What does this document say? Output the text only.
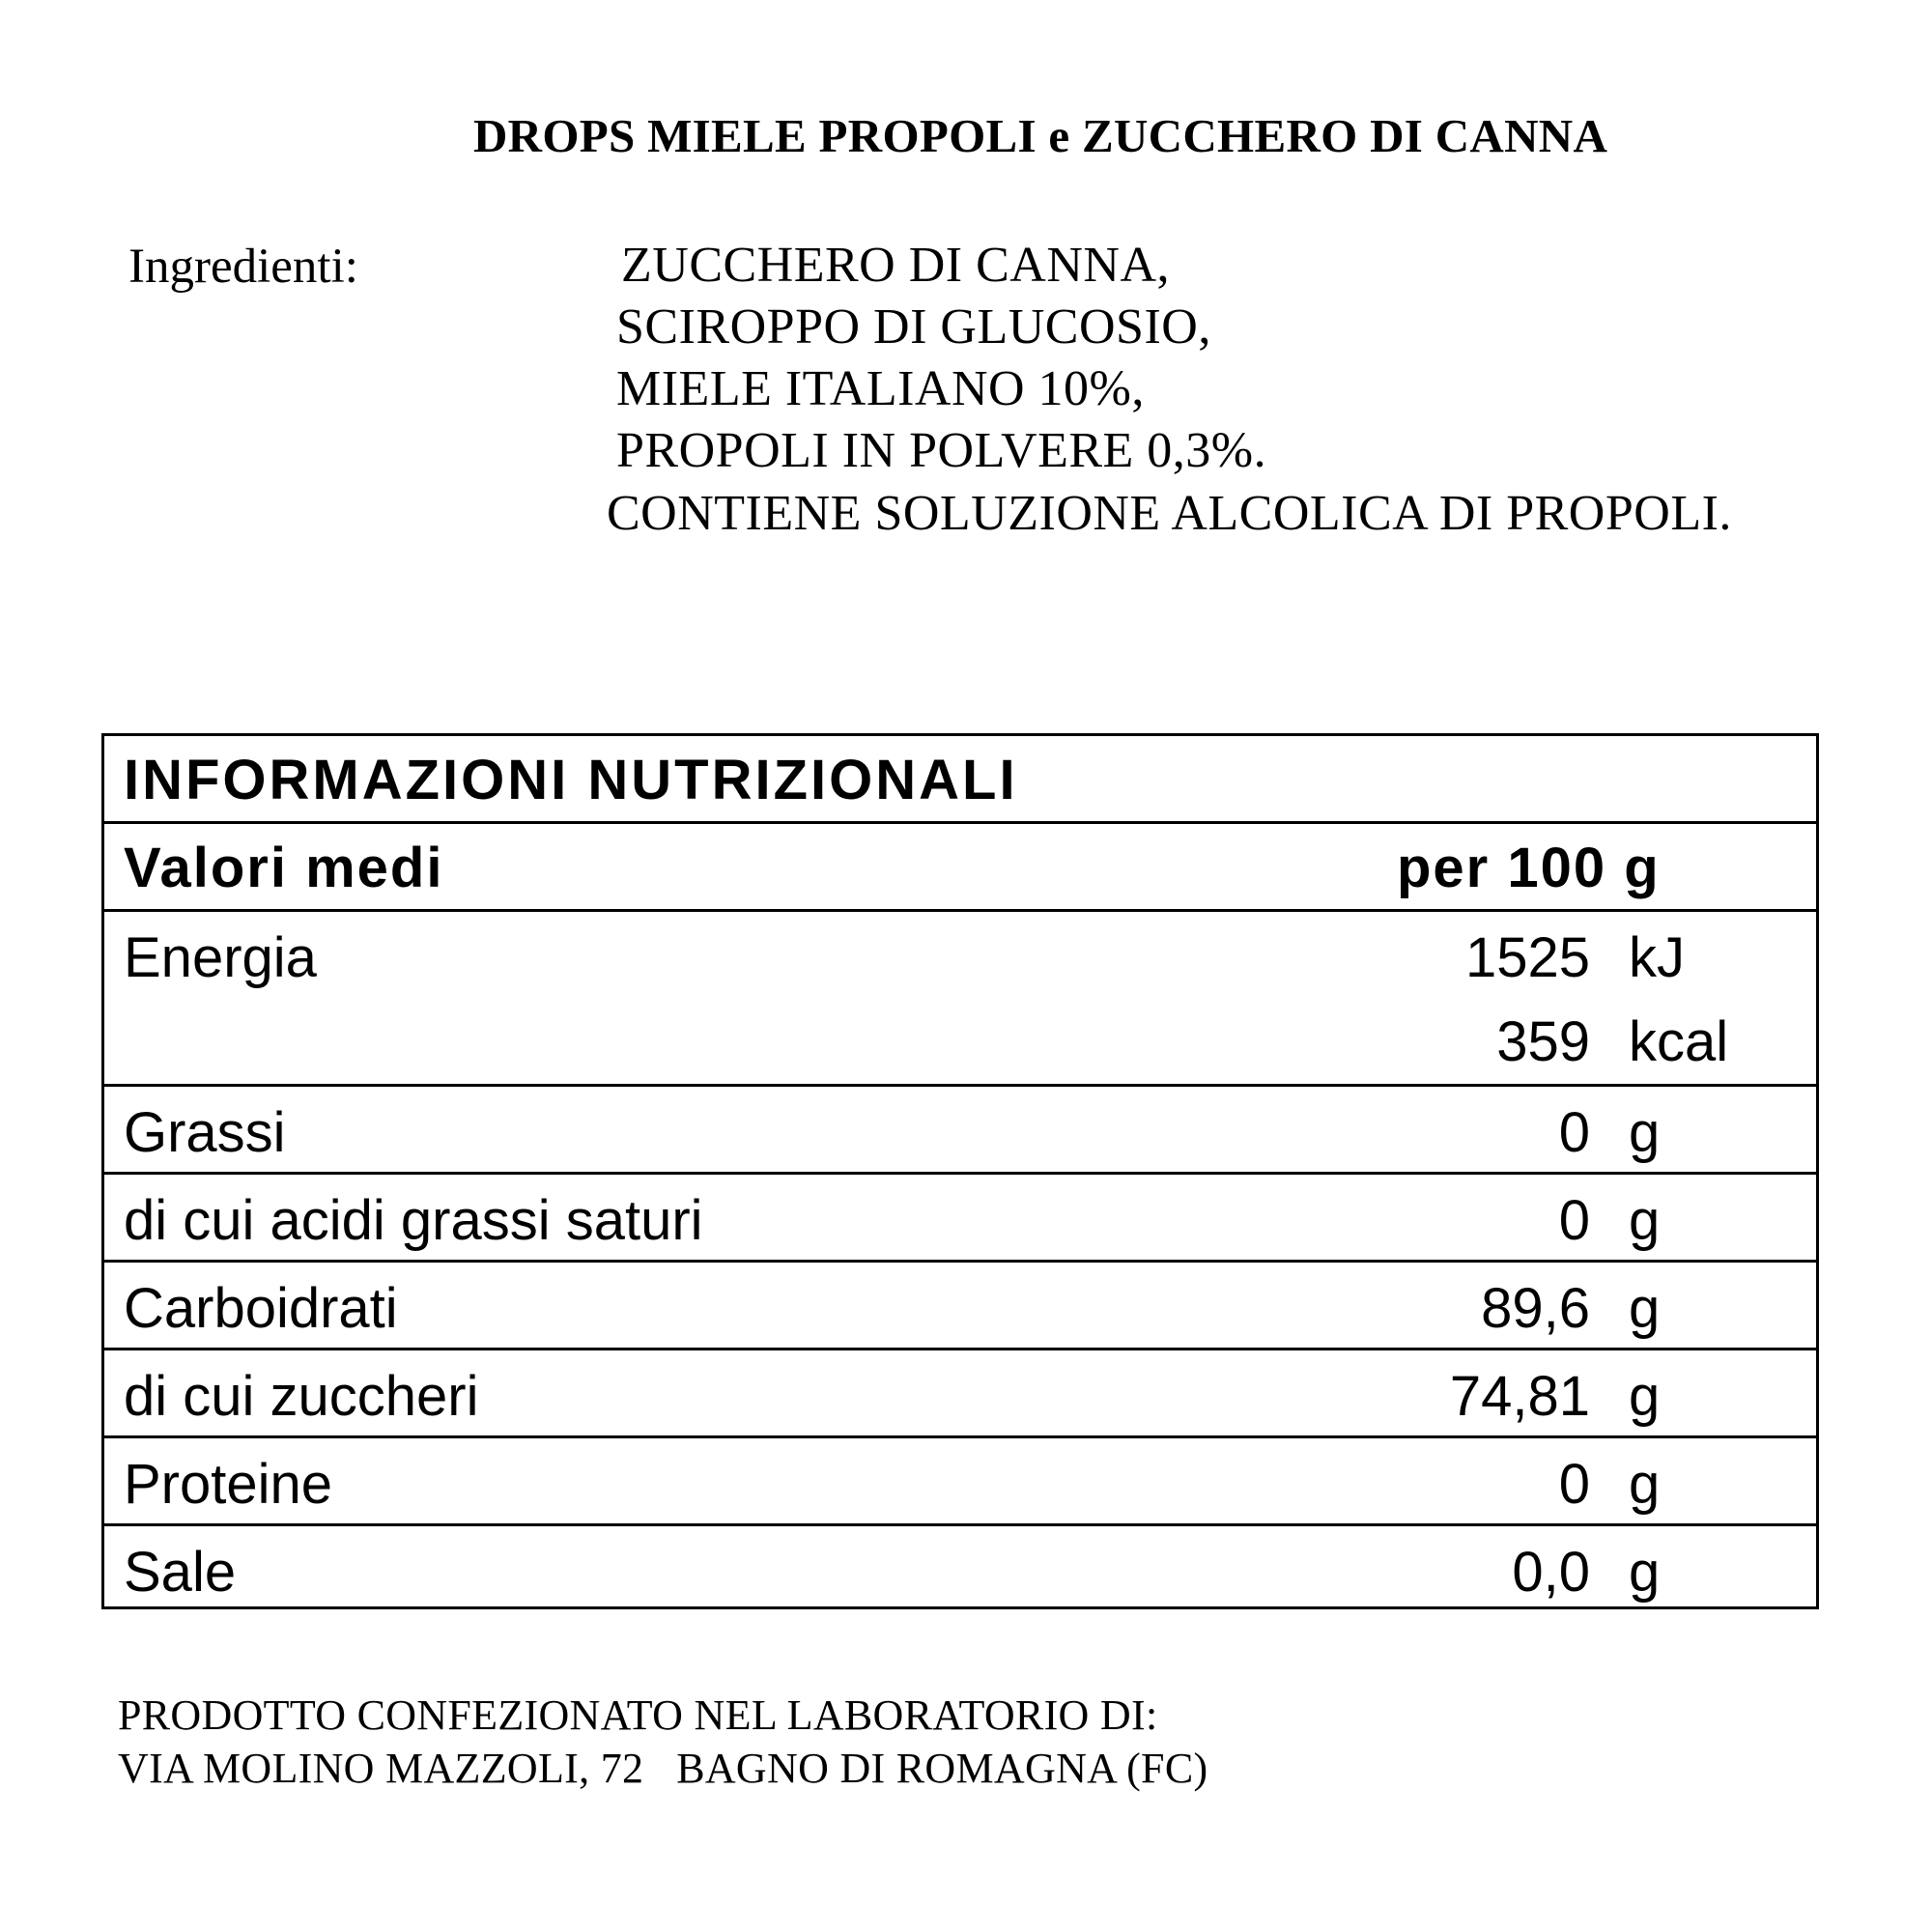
DROPS MIELE PROPOLI e ZUCCHERO DI CANNA
Ingredienti:	ZUCCHERO DI CANNA,
SCIROPPO DI GLUCOSIO,
MIELE ITALIANO 10%,
PROPOLI IN POLVERE 0,3%.
CONTIENE SOLUZIONE ALCOLICA DI PROPOLI.
INFORMAZIONI NUTRIZIONALI
Valori medi	per 100 g
Energia	1525 kJ
359 kcal
Grassi	0 g
di cui acidi grassi saturi	0 g
Carboidrati	89,6 g
di cui zuccheri	74,81 g
Proteine	0 g
Sale	0,0 g
PRODOTTO CONFEZIONATO NEL LABORATORIO DI:
VIA MOLINO MAZZOLI, 72   BAGNO DI ROMAGNA (FC)
